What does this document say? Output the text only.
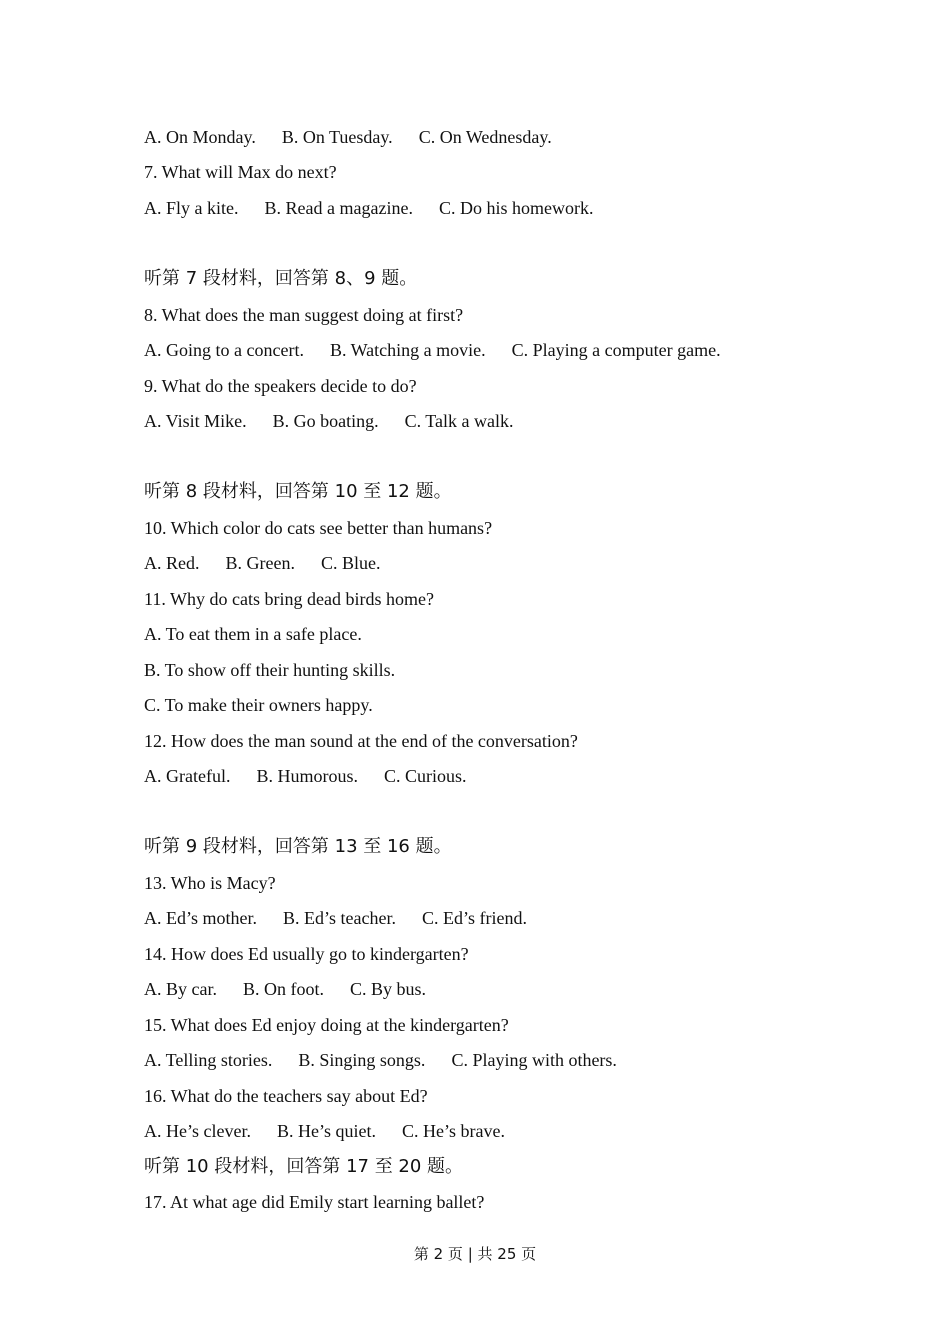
A. On Monday. B. On Tuesday. C. On Wednesday.
7. What will Max do next?
A. Fly a kite. B. Read a magazine. C. Do his homework.
听第 7 段材料，回答第 8、9 题。
8. What does the man suggest doing at first?
A. Going to a concert. B. Watching a movie. C. Playing a computer game.
9. What do the speakers decide to do?
A. Visit Mike. B. Go boating. C. Talk a walk.
听第 8 段材料，回答第 10 至 12 题。
10. Which color do cats see better than humans?
A. Red. B. Green. C. Blue.
11. Why do cats bring dead birds home?
A. To eat them in a safe place.
B. To show off their hunting skills.
C. To make their owners happy.
12. How does the man sound at the end of the conversation?
A. Grateful. B. Humorous. C. Curious.
听第 9 段材料，回答第 13 至 16 题。
13. Who is Macy?
A. Ed’s mother. B. Ed’s teacher. C. Ed’s friend.
14. How does Ed usually go to kindergarten?
A. By car. B. On foot. C. By bus.
15. What does Ed enjoy doing at the kindergarten?
A. Telling stories. B. Singing songs. C. Playing with others.
16. What do the teachers say about Ed?
A. He’s clever. B. He’s quiet. C. He’s brave.
听第 10 段材料，回答第 17 至 20 题。
17. At what age did Emily start learning ballet?
第 2 页 | 共 25 页
